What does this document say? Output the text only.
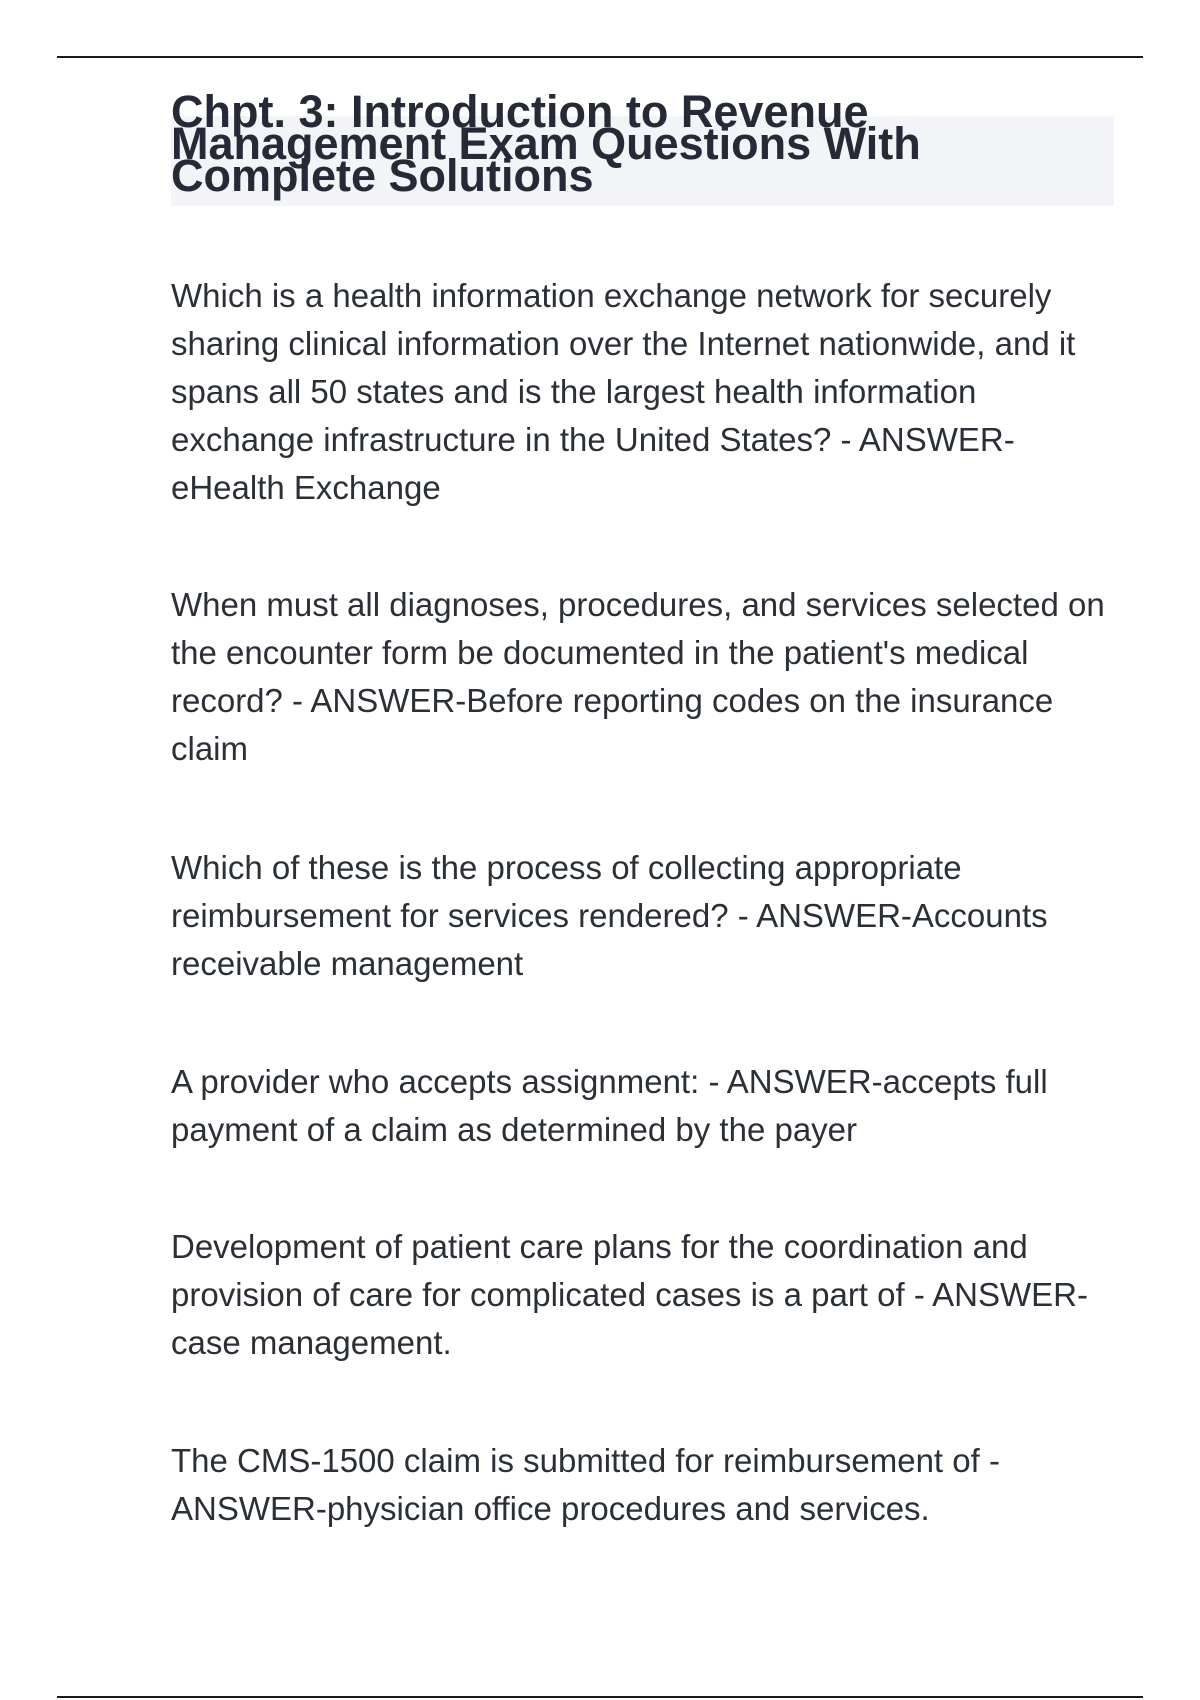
Chpt. 3: Introduction to Revenue Management Exam Questions With Complete Solutions

Which is a health information exchange network for securely sharing clinical information over the Internet nationwide, and it spans all 50 states and is the largest health information exchange infrastructure in the United States? - ANSWER-eHealth Exchange

When must all diagnoses, procedures, and services selected on the encounter form be documented in the patient's medical record? - ANSWER-Before reporting codes on the insurance claim

Which of these is the process of collecting appropriate reimbursement for services rendered? - ANSWER-Accounts receivable management

A provider who accepts assignment: - ANSWER-accepts full payment of a claim as determined by the payer

Development of patient care plans for the coordination and provision of care for complicated cases is a part of - ANSWER-case management.

The CMS-1500 claim is submitted for reimbursement of - ANSWER-physician office procedures and services.
